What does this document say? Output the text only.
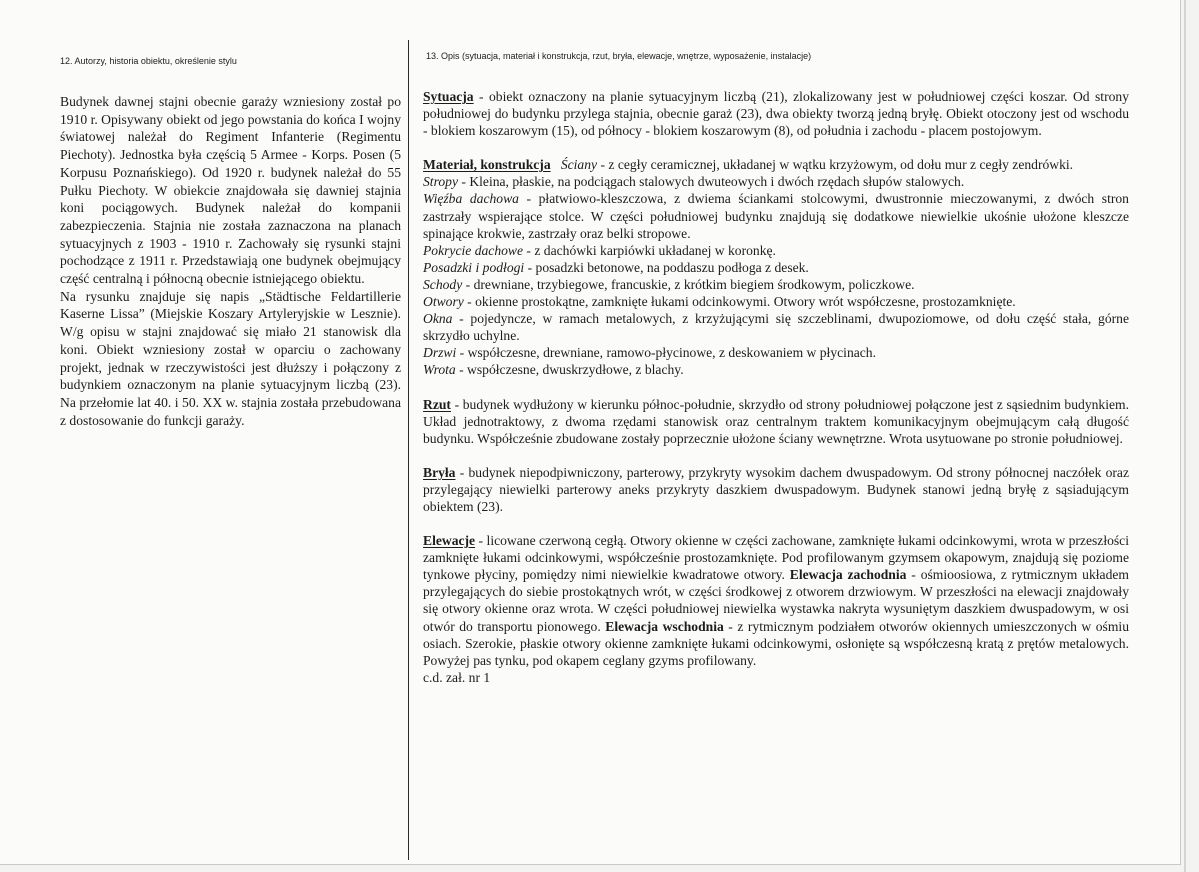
12. Autorzy, historia obiektu, określenie stylu	13. Opis (sytuacja, materiał i konstrukcja, rzut, bryła, elewacje, wnętrze, wyposażenie, instalacje)

Budynek dawnej stajni obecnie garaży wzniesiony został po 1910 r. Opisywany obiekt od jego powstania do końca I wojny światowej należał do Regiment Infanterie (Regimentu Piechoty). Jednostka była częścią 5 Armee - Korps. Posen (5 Korpusu Poznańskiego). Od 1920 r. budynek należał do 55 Pułku Piechoty. W obiekcie znajdowała się dawniej stajnia koni pociągowych. Budynek należał do kompanii zabezpieczenia. Stajnia nie została zaznaczona na planach sytuacyjnych z 1903 - 1910 r. Zachowały się rysunki stajni pochodzące z 1911 r. Przedstawiają one budynek obejmujący część centralną i północną obecnie istniejącego obiektu.

Na rysunku znajduje się napis „Städtische Feldartillerie Kaserne Lissa” (Miejskie Koszary Artyleryjskie w Lesznie). W/g opisu w stajni znajdować się miało 21 stanowisk dla koni. Obiekt wzniesiony został w oparciu o zachowany projekt, jednak w rzeczywistości jest dłuższy i połączony z budynkiem oznaczonym na planie sytuacyjnym liczbą (23). Na przełomie lat 40. i 50. XX w. stajnia została przebudowana z dostosowanie do funkcji garaży.

Sytuacja - obiekt oznaczony na planie sytuacyjnym liczbą (21), zlokalizowany jest w południowej części koszar. Od strony południowej do budynku przylega stajnia, obecnie garaż (23), dwa obiekty tworzą jedną bryłę. Obiekt otoczony jest od wschodu - blokiem koszarowym (15), od północy - blokiem koszarowym (8), od południa i zachodu - placem postojowym.

Materiał, konstrukcja Ściany - z cegły ceramicznej, układanej w wątku krzyżowym, od dołu mur z cegły zendrówki.

Stropy - Kleina, płaskie, na podciągach stalowych dwuteowych i dwóch rzędach słupów stalowych.

Więźba dachowa - płatwiowo-kleszczowa, z dwiema ściankami stolcowymi, dwustronnie mieczowanymi, z dwóch stron zastrzały wspierające stolce. W części południowej budynku znajdują się dodatkowe niewielkie ukośnie ułożone kleszcze spinające krokwie, zastrzały oraz belki stropowe.

Pokrycie dachowe - z dachówki karpiówki układanej w koronkę.

Posadzki i podłogi - posadzki betonowe, na poddaszu podłoga z desek.

Schody - drewniane, trzybiegowe, francuskie, z krótkim biegiem środkowym, policzkowe.

Otwory - okienne prostokątne, zamknięte łukami odcinkowymi. Otwory wrót współczesne, prostozamknięte.

Okna - pojedyncze, w ramach metalowych, z krzyżującymi się szczeblinami, dwupoziomowe, od dołu część stała, górne skrzydło uchylne.

Drzwi - współczesne, drewniane, ramowo-płycinowe, z deskowaniem w płycinach.

Wrota - współczesne, dwuskrzydłowe, z blachy.

Rzut - budynek wydłużony w kierunku północ-południe, skrzydło od strony południowej połączone jest z sąsiednim budynkiem. Układ jednotraktowy, z dwoma rzędami stanowisk oraz centralnym traktem komunikacyjnym obejmującym całą długość budynku. Współcześnie zbudowane zostały poprzecznie ułożone ściany wewnętrzne. Wrota usytuowane po stronie południowej.

Bryła - budynek niepodpiwniczony, parterowy, przykryty wysokim dachem dwuspadowym. Od strony północnej naczółek oraz przylegający niewielki parterowy aneks przykryty daszkiem dwuspadowym. Budynek stanowi jedną bryłę z sąsiadującym obiektem (23).

Elewacje - licowane czerwoną cegłą. Otwory okienne w części zachowane, zamknięte łukami odcinkowymi, wrota w przeszłości zamknięte łukami odcinkowymi, współcześnie prostozamknięte. Pod profilowanym gzymsem okapowym, znajdują się poziome tynkowe płyciny, pomiędzy nimi niewielkie kwadratowe otwory. Elewacja zachodnia - ośmioosiowa, z rytmicznym układem przylegających do siebie prostokątnych wrót, w części środkowej z otworem drzwiowym. W przeszłości na elewacji znajdowały się otwory okienne oraz wrota. W części południowej niewielka wystawka nakryta wysuniętym daszkiem dwuspadowym, w osi otwór do transportu pionowego. Elewacja wschodnia - z rytmicznym podziałem otworów okiennych umieszczonych w ośmiu osiach. Szerokie, płaskie otwory okienne zamknięte łukami odcinkowymi, osłonięte są współczesną kratą z prętów metalowych. Powyżej pas tynku, pod okapem ceglany gzyms profilowany.

c.d. zał. nr 1
